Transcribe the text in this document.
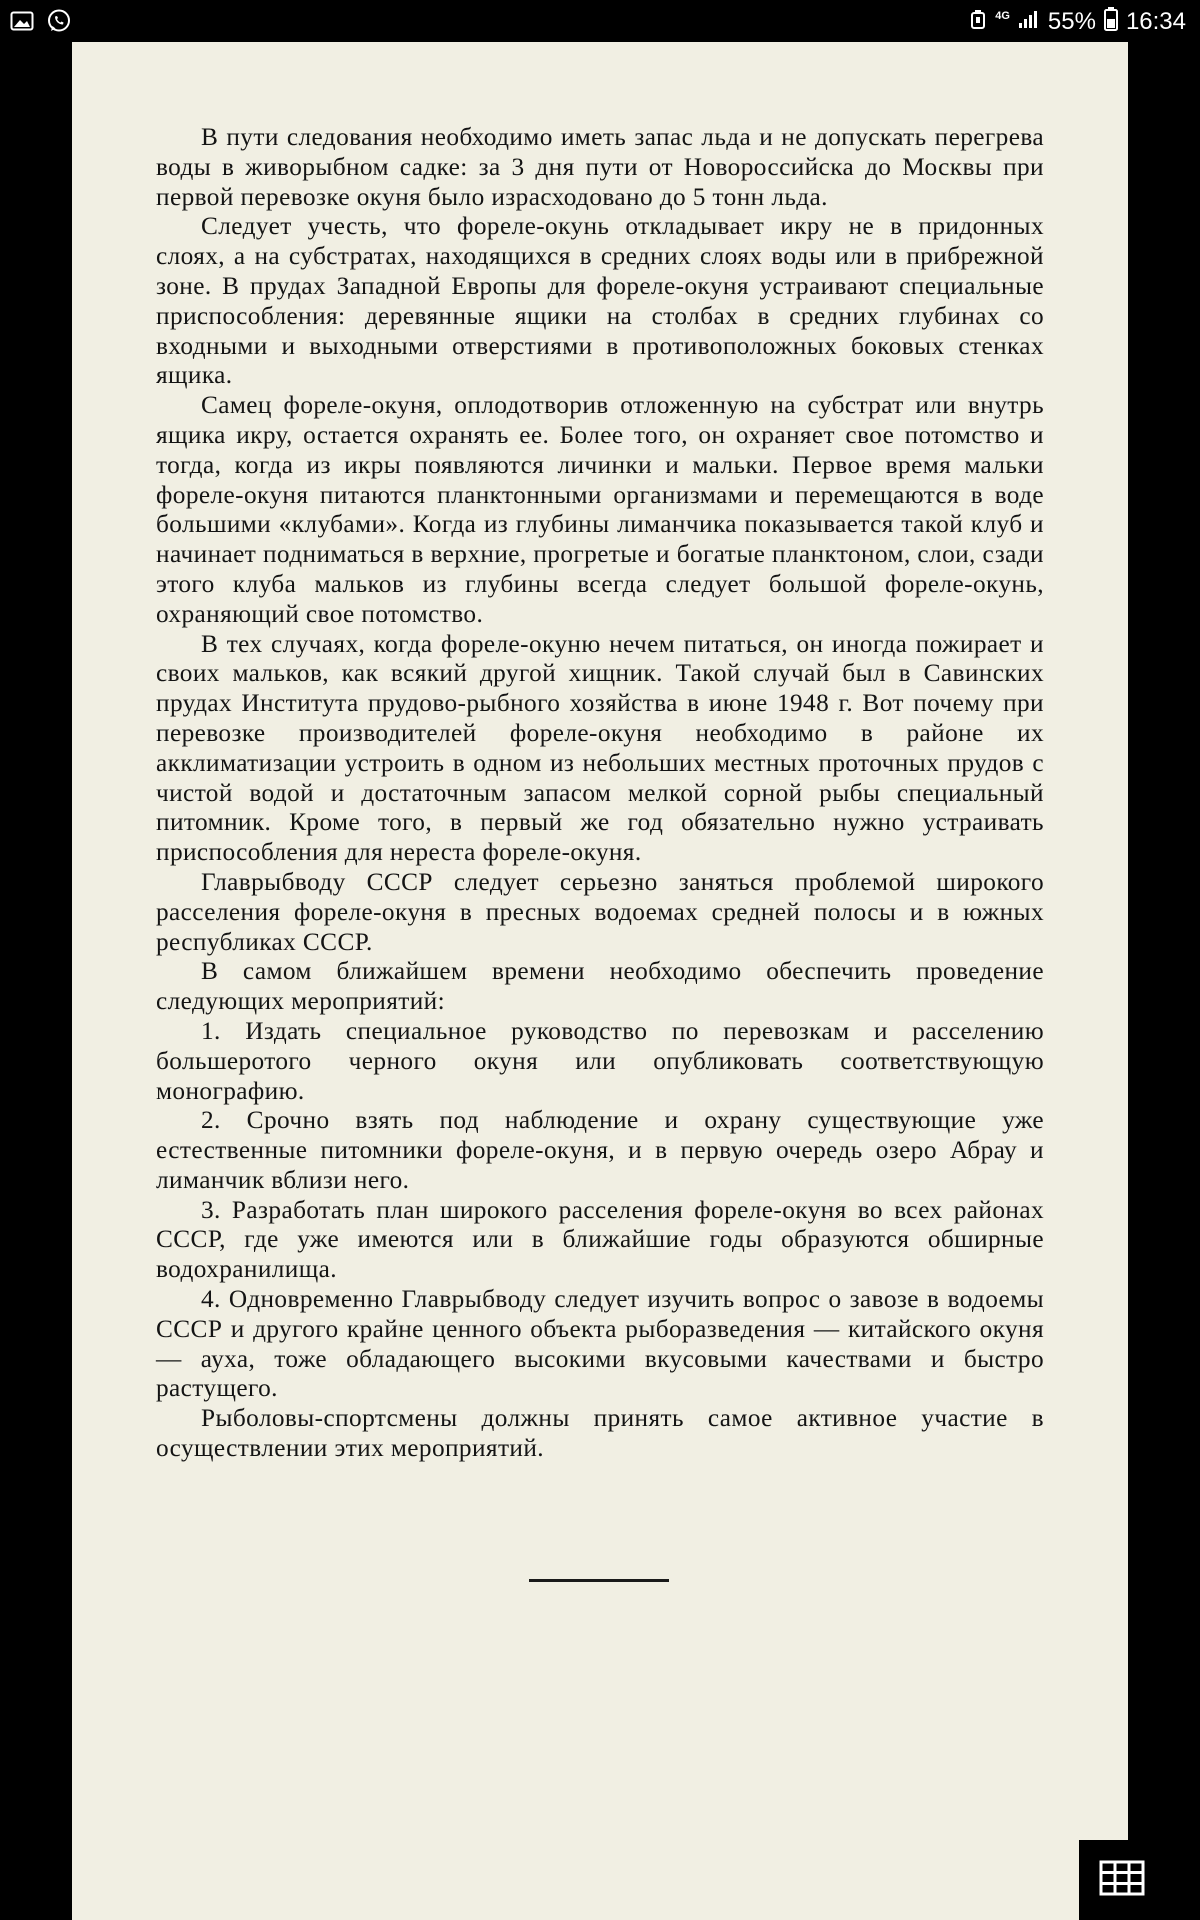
4G 55% 16:34

В пути следования необходимо иметь запас льда и не допускать перегрева воды в живорыбном садке: за 3 дня пути от Новороссийска до Москвы при первой перевозке окуня было израсходовано до 5 тонн льда.

Следует учесть, что фореле-окунь откладывает икру не в придонных слоях, а на субстратах, находящихся в средних слоях воды или в прибрежной зоне. В прудах Западной Европы для фореле-окуня устраивают специальные приспособления: деревянные ящики на столбах в средних глубинах со входными и выходными отверстиями в противоположных боковых стенках ящика.

Самец фореле-окуня, оплодотворив отложенную на субстрат или внутрь ящика икру, остается охранять ее. Более того, он охраняет свое потомство и тогда, когда из икры появляются личинки и мальки. Первое время мальки фореле-окуня питаются планктонными организмами и перемещаются в воде большими «клубами». Когда из глубины лиманчика показывается такой клуб и начинает подниматься в верхние, прогретые и богатые планктоном, слои, сзади этого клуба мальков из глубины всегда следует большой фореле-окунь, охраняющий свое потомство.

В тех случаях, когда фореле-окуню нечем питаться, он иногда пожирает и своих мальков, как всякий другой хищник. Такой случай был в Савинских прудах Института прудово-рыбного хозяйства в июне 1948 г. Вот почему при перевозке производителей фореле-окуня необходимо в районе их акклиматизации устроить в одном из небольших местных проточных прудов с чистой водой и достаточным запасом мелкой сорной рыбы специальный питомник. Кроме того, в первый же год обязательно нужно устраивать приспособления для нереста фореле-окуня.

Главрыбводу СССР следует серьезно заняться проблемой широкого расселения фореле-окуня в пресных водоемах средней полосы и в южных республиках СССР.

В самом ближайшем времени необходимо обеспечить проведение следующих мероприятий:

1. Издать специальное руководство по перевозкам и расселению большеротого черного окуня или опубликовать соответствующую монографию.

2. Срочно взять под наблюдение и охрану существующие уже естественные питомники фореле-окуня, и в первую очередь озеро Абрау и лиманчик вблизи него.

3. Разработать план широкого расселения фореле-окуня во всех районах СССР, где уже имеются или в ближайшие годы образуются обширные водохранилища.

4. Одновременно Главрыбводу следует изучить вопрос о завозе в водоемы СССР и другого крайне ценного объекта рыборазведения — китайского окуня — ауха, тоже обладающего высокими вкусовыми качествами и быстро растущего.

Рыболовы-спортсмены должны принять самое активное участие в осуществлении этих мероприятий.
